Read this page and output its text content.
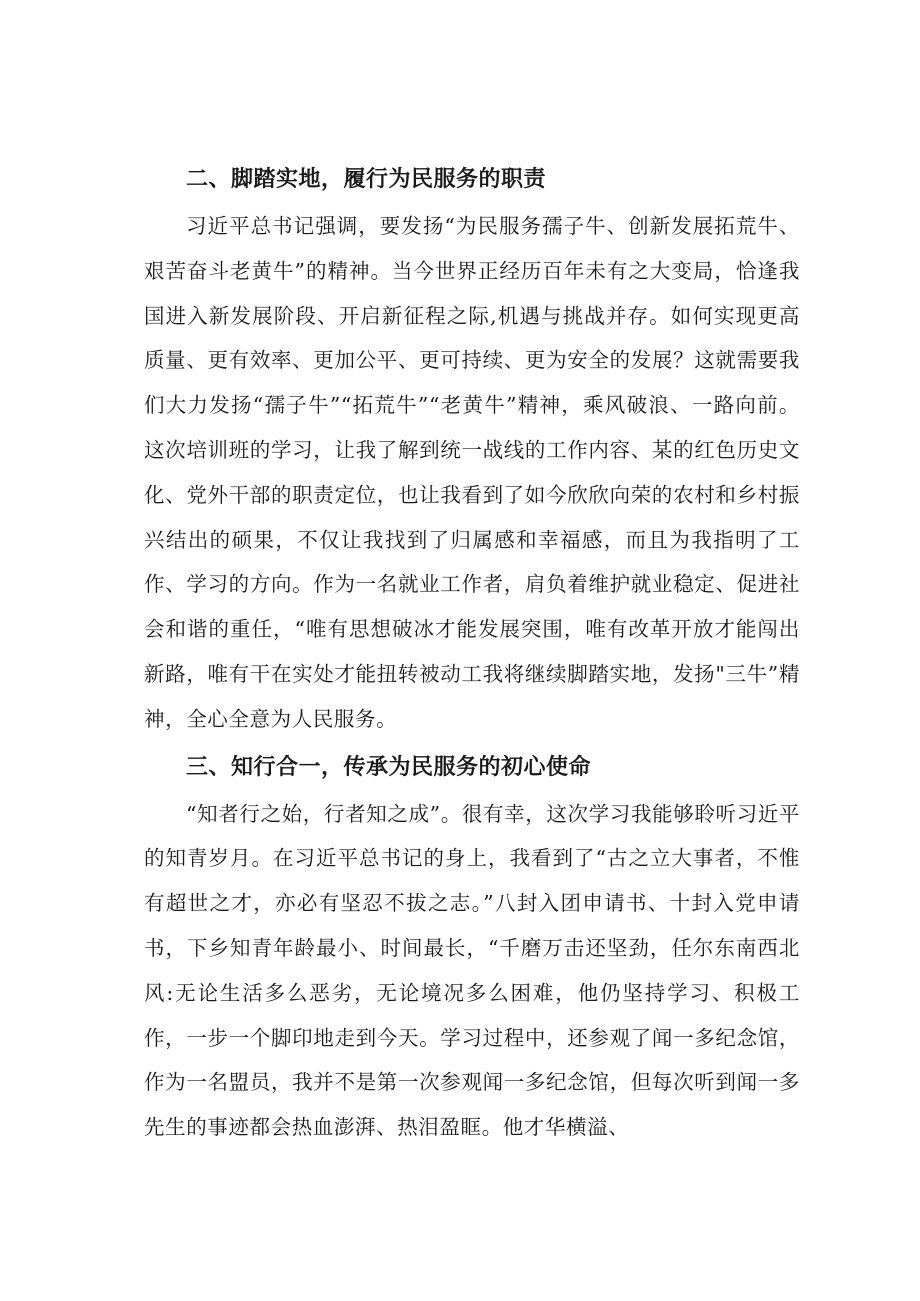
二、脚踏实地，履行为民服务的职责

习近平总书记强调，要发扬“为民服务孺子牛、创新发展拓荒牛、艰苦奋斗老黄牛”的精神。当今世界正经历百年未有之大变局，恰逢我国进入新发展阶段、开启新征程之际,机遇与挑战并存。如何实现更高质量、更有效率、更加公平、更可持续、更为安全的发展？这就需要我们大力发扬“孺子牛”“拓荒牛”“老黄牛”精神，乘风破浪、一路向前。这次培训班的学习，让我了解到统一战线的工作内容、某的红色历史文化、党外干部的职责定位，也让我看到了如今欣欣向荣的农村和乡村振兴结出的硕果，不仅让我找到了归属感和幸福感，而且为我指明了工作、学习的方向。作为一名就业工作者，肩负着维护就业稳定、促进社会和谐的重任，“唯有思想破冰才能发展突围，唯有改革开放才能闯出新路，唯有干在实处才能扭转被动工我将继续脚踏实地，发扬"三牛”精神，全心全意为人民服务。

三、知行合一，传承为民服务的初心使命

“知者行之始，行者知之成”。很有幸，这次学习我能够聆听习近平的知青岁月。在习近平总书记的身上，我看到了“古之立大事者，不惟有超世之才，亦必有坚忍不拔之志。”八封入团申请书、十封入党申请书，下乡知青年龄最小、时间最长，“千磨万击还坚劲，任尔东南西北风:无论生活多么恶劣，无论境况多么困难，他仍坚持学习、积极工作，一步一个脚印地走到今天。学习过程中，还参观了闻一多纪念馆，作为一名盟员，我并不是第一次参观闻一多纪念馆，但每次听到闻一多先生的事迹都会热血澎湃、热泪盈眶。他才华横溢、
